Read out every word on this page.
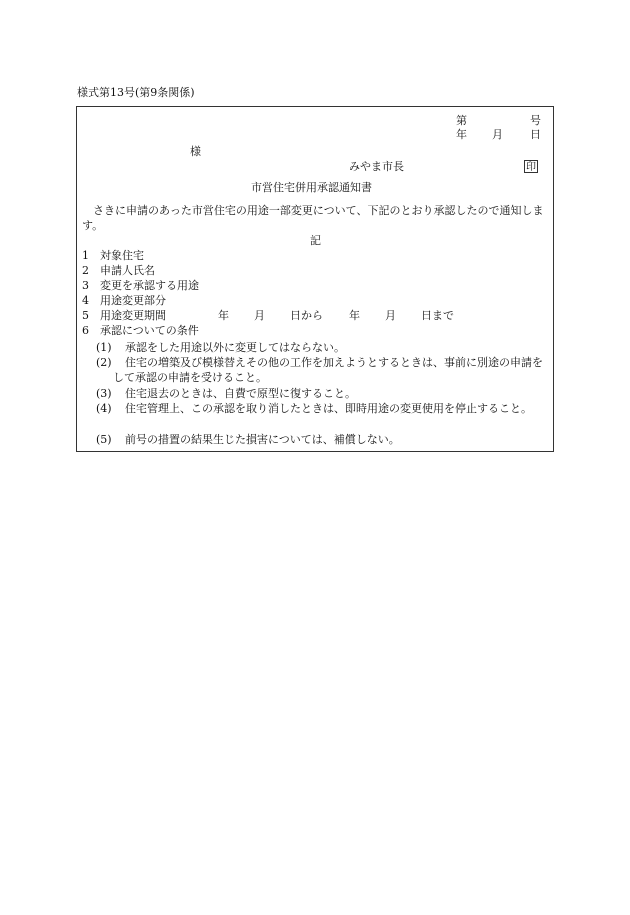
様式第13号(第9条関係)
第	号
年 月 日
様
みやま市長	印
市営住宅併用承認通知書
さきに申請のあった市営住宅の用途一部変更について、下記のとおり承認したので通知します。
記
1 対象住宅
2 申請人氏名
3 変更を承認する用途
4 用途変更部分
5 用途変更期間	年 月 日から 年 月 日まで
6 承認についての条件
(1) 承認をした用途以外に変更してはならない。
(2)	住宅の増築及び模様替えその他の工作を加えようとするときは、事前に別途の申請をして承認の申請を受けること。
(3) 住宅退去のときは、自費で原型に復すること。
(4)	住宅管理上、この承認を取り消したときは、即時用途の変更使用を停止すること。
(5) 前号の措置の結果生じた損害については、補償しない。
